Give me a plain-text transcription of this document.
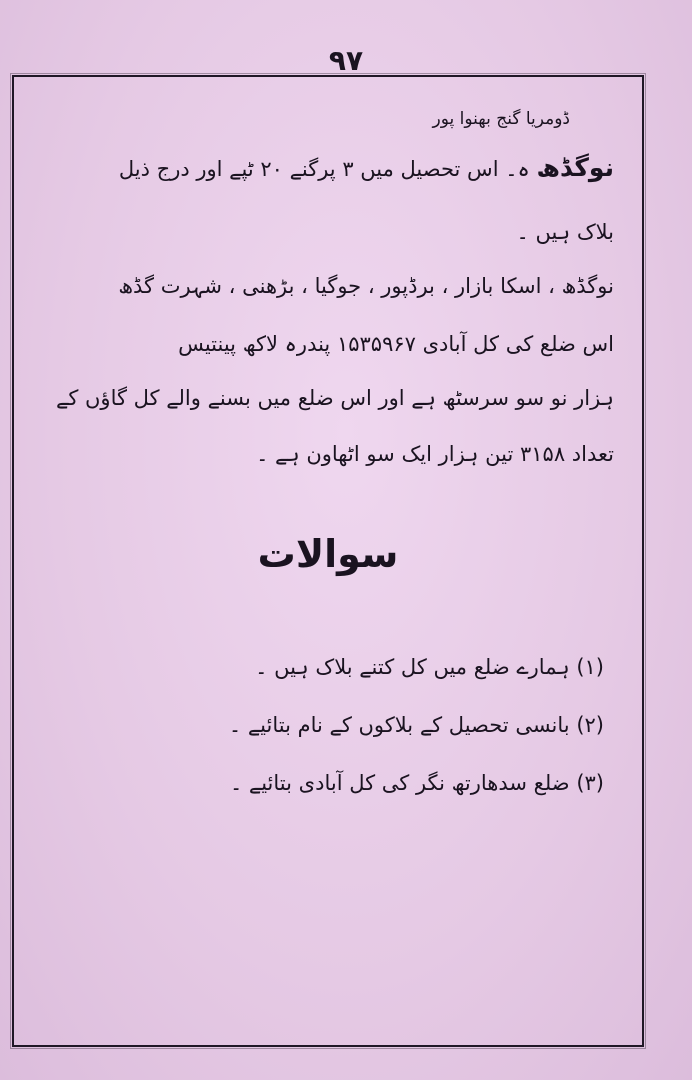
۹۷
ڈومریا گنج بھنوا پور
نوگڈھ ہ۔ اس تحصیل میں ۳ پرگنے ۲۰ ٹپے اور درج ذیل
بلاک ہیں ۔
نوگڈھ ، اسکا بازار ، برڈپور ، جوگیا ، بڑھنی ، شہرت گڈھ
اس ضلع کی کل آبادی ۱۵۳۵۹۶۷ پندرہ لاکھ پینتیس
ہزار نو سو سرسٹھ ہے اور اس ضلع میں بسنے والے کل گاؤں کے
تعداد ۳۱۵۸ تین ہزار ایک سو اٹھاون ہے ۔
سوالات
(۱) ہمارے ضلع میں کل کتنے بلاک ہیں ۔
(۲) بانسی تحصیل کے بلاکوں کے نام بتائیے ۔
(۳) ضلع سدھارتھ نگر کی کل آبادی بتائیے ۔
